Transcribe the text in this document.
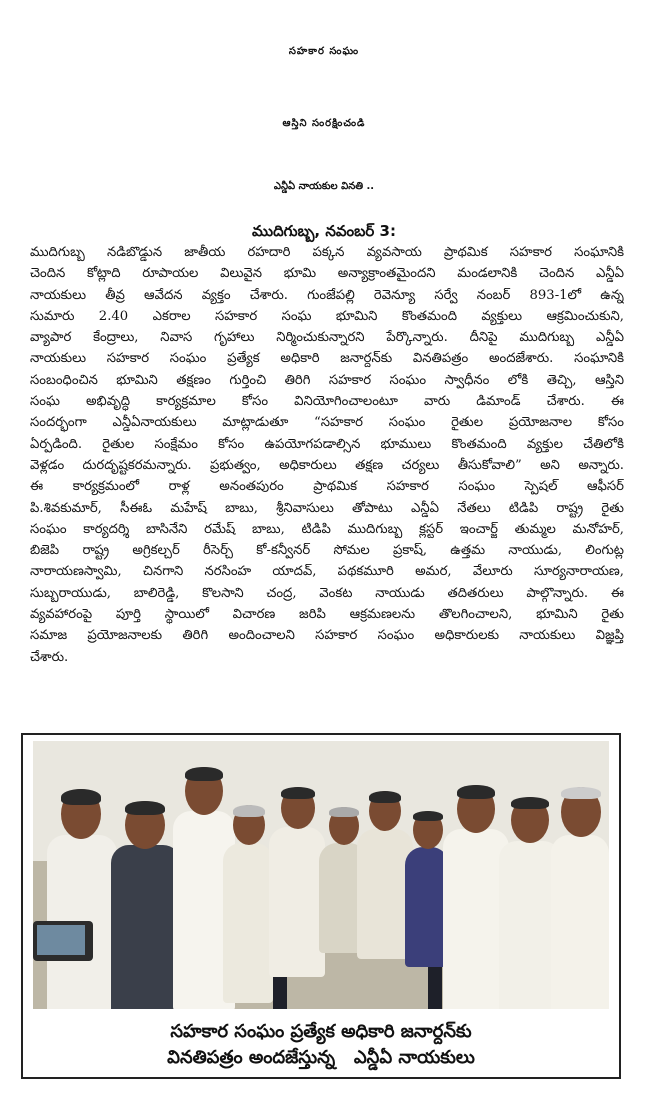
సహకార సంఘం
ఆస్తిని సంరక్షించండి
ఎన్డీఏ నాయకుల వినతి ..
ముదిగుబ్బ, నవంబర్ 3:
ముదిగుబ్బ నడిబొడ్డున జాతీయ రహదారి పక్కన వ్యవసాయ ప్రాథమిక సహకార సంఘానికి
చెందిన కోట్లాది రూపాయల విలువైన భూమి అన్యాక్రాంతమైందని మండలానికి చెందిన ఎన్డీఏ
నాయకులు తీవ్ర ఆవేదన వ్యక్తం చేశారు. గుంజేపల్లి రెవెన్యూ సర్వే నంబర్ 893-1లో ఉన్న
సుమారు 2.40 ఎకరాల సహకార సంఘ భూమిని కొంతమంది వ్యక్తులు ఆక్రమించుకుని,
వ్యాపార కేంద్రాలు, నివాస గృహాలు నిర్మించుకున్నారని పేర్కొన్నారు. దీనిపై ముదిగుబ్బ ఎన్డీఏ
నాయకులు సహకార సంఘం ప్రత్యేక అధికారి జనార్దన్‌కు వినతిపత్రం అందజేశారు. సంఘానికి
సంబంధించిన భూమిని తక్షణం గుర్తించి తిరిగి సహకార సంఘం స్వాధీనం లోకి తెచ్చి, ఆస్తిని
సంఘ అభివృద్ధి కార్యక్రమాల కోసం వినియోగించాలంటూ వారు డిమాండ్ చేశారు. ఈ
సందర్భంగా ఎన్డీఏనాయకులు మాట్లాడుతూ “సహకార సంఘం రైతుల ప్రయోజనాల కోసం
ఏర్పడింది. రైతుల సంక్షేమం కోసం ఉపయోగపడాల్సిన భూములు కొంతమంది వ్యక్తుల చేతిలోకి
వెళ్లడం దురదృష్టకరమన్నారు. ప్రభుత్వం, అధికారులు తక్షణ చర్యలు తీసుకోవాలి” అని అన్నారు.
ఈ కార్యక్రమంలో రాళ్ల అనంతపురం ప్రాథమిక సహకార సంఘం స్పెషల్ ఆఫీసర్
పి.శివకుమార్, సీఈఓ మహేష్ బాబు, శ్రీనివాసులు తోపాటు ఎన్డీఏ నేతలు టిడిపి రాష్ట్ర రైతు
సంఘం కార్యదర్శి బాసినేని రమేష్ బాబు, టిడిపి ముదిగుబ్బ క్లస్టర్ ఇంచార్జ్ తుమ్మల మనోహర్,
బిజెపి రాష్ట్ర అగ్రికల్చర్ రీసెర్చ్ కో-కన్వీనర్ సోమల ప్రకాష్, ఉత్తమ నాయుడు, లింగుట్ల
నారాయణస్వామి, చినగాని నరసింహ యాదవ్, పథకమూరి అమర, వేలూరు సూర్యనారాయణ,
సుబ్బరాయుడు, బాలిరెడ్డి, కొలసాని చంద్ర, వెంకట నాయుడు తదితరులు పాల్గొన్నారు. ఈ
వ్యవహారంపై పూర్తి స్థాయిలో విచారణ జరిపి ఆక్రమణలను తొలగించాలని, భూమిని రైతు
సమాజ ప్రయోజనాలకు తిరిగి అందించాలని సహకార సంఘం అధికారులకు నాయకులు విజ్ఞప్తి
చేశారు.
సహకార సంఘం ప్రత్యేక అధికారి జనార్దన్‌కు
వినతిపత్రం అందజేస్తున్న   ఎన్డీఏ నాయకులు
